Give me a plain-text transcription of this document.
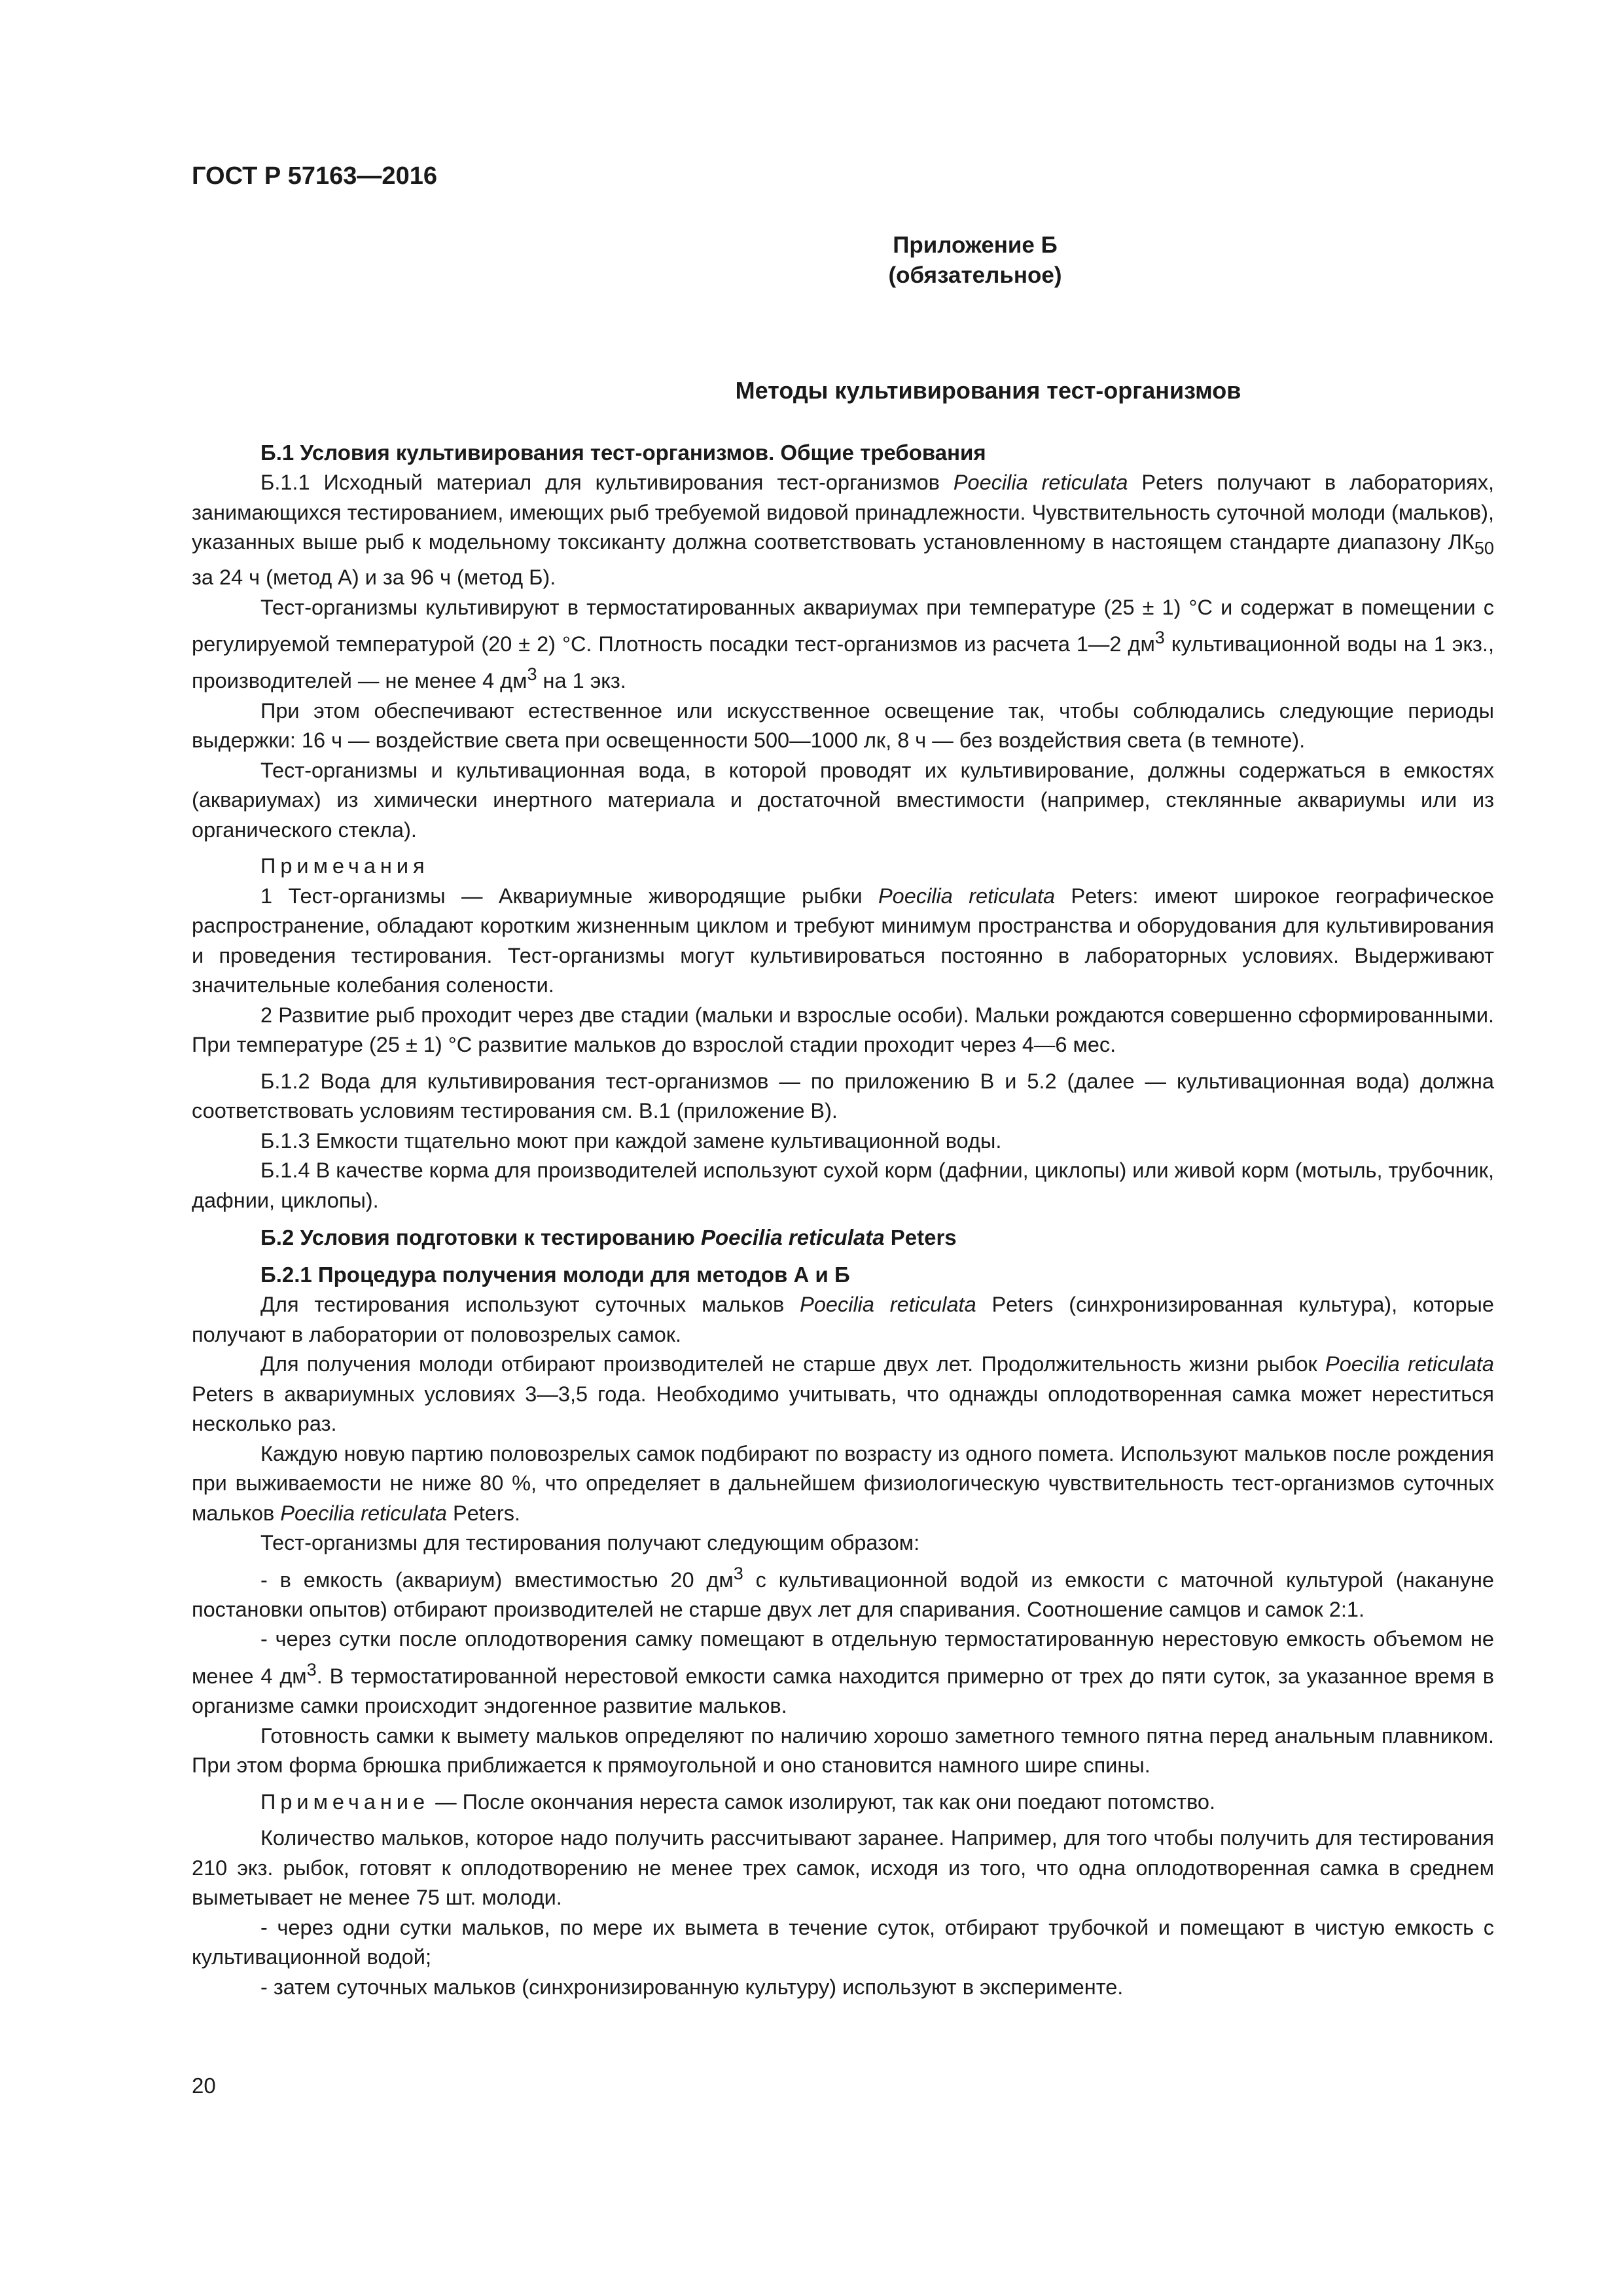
ГОСТ Р 57163—2016
Приложение Б
(обязательное)
Методы культивирования тест-организмов
Б.1 Условия культивирования тест-организмов. Общие требования

Б.1.1 Исходный материал для культивирования тест-организмов Poecilia reticulata Peters получают в лабораториях, занимающихся тестированием, имеющих рыб требуемой видовой принадлежности. Чувствительность суточной молоди (мальков), указанных выше рыб к модельному токсиканту должна соответствовать установленному в настоящем стандарте диапазону $ЛК_{50}$ за 24 ч (метод А) и за 96 ч (метод Б).

Тест-организмы культивируют в термостатированных аквариумах при температуре (25 ± 1) °С и содержат в помещении с регулируемой температурой (20 ± 2) °С. Плотность посадки тест-организмов из расчета 1—2 $дм^3$ культивационной воды на 1 экз., производителей — не менее 4 $дм^3$ на 1 экз.

При этом обеспечивают естественное или искусственное освещение так, чтобы соблюдались следующие периоды выдержки: 16 ч — воздействие света при освещенности 500—1000 лк, 8 ч — без воздействия света (в темноте).

Тест-организмы и культивационная вода, в которой проводят их культивирование, должны содержаться в емкостях (аквариумах) из химически инертного материала и достаточной вместимости (например, стеклянные аквариумы или из органического стекла).

Примечания

1 Тест-организмы — Аквариумные живородящие рыбки Poecilia reticulata Peters: имеют широкое географическое распространение, обладают коротким жизненным циклом и требуют минимум пространства и оборудования для культивирования и проведения тестирования. Тест-организмы могут культивироваться постоянно в лабораторных условиях. Выдерживают значительные колебания солености.

2 Развитие рыб проходит через две стадии (мальки и взрослые особи). Мальки рождаются совершенно сформированными. При температуре (25 ± 1) °С развитие мальков до взрослой стадии проходит через 4—6 мес.

Б.1.2 Вода для культивирования тест-организмов — по приложению В и 5.2 (далее — культивационная вода) должна соответствовать условиям тестирования см. В.1 (приложение В).

Б.1.3 Емкости тщательно моют при каждой замене культивационной воды.

Б.1.4 В качестве корма для производителей используют сухой корм (дафнии, циклопы) или живой корм (мотыль, трубочник, дафнии, циклопы).

Б.2 Условия подготовки к тестированию Poecilia reticulata Peters
Б.2.1 Процедура получения молоди для методов А и Б

Для тестирования используют суточных мальков Poecilia reticulata Peters (синхронизированная культура), которые получают в лаборатории от половозрелых самок.

Для получения молоди отбирают производителей не старше двух лет. Продолжительность жизни рыбок Poecilia reticulata Peters в аквариумных условиях 3—3,5 года. Необходимо учитывать, что однажды оплодотворенная самка может нереститься несколько раз.

Каждую новую партию половозрелых самок подбирают по возрасту из одного помета. Используют мальков после рождения при выживаемости не ниже 80 %, что определяет в дальнейшем физиологическую чувствительность тест-организмов суточных мальков Poecilia reticulata Peters.

Тест-организмы для тестирования получают следующим образом:

- в емкость (аквариум) вместимостью 20 $дм^3$ с культивационной водой из емкости с маточной культурой (накануне постановки опытов) отбирают производителей не старше двух лет для спаривания. Соотношение самцов и самок 2:1.

- через сутки после оплодотворения самку помещают в отдельную термостатированную нерестовую емкость объемом не менее 4 $дм^3$. В термостатированной нерестовой емкости самка находится примерно от трех до пяти суток, за указанное время в организме самки происходит эндогенное развитие мальков.

Готовность самки к вымету мальков определяют по наличию хорошо заметного темного пятна перед анальным плавником. При этом форма брюшка приближается к прямоугольной и оно становится намного шире спины.

Примечание — После окончания нереста самок изолируют, так как они поедают потомство.

Количество мальков, которое надо получить рассчитывают заранее. Например, для того чтобы получить для тестирования 210 экз. рыбок, готовят к оплодотворению не менее трех самок, исходя из того, что одна оплодотворенная самка в среднем выметывает не менее 75 шт. молоди.

- через одни сутки мальков, по мере их вымета в течение суток, отбирают трубочкой и помещают в чистую емкость с культивационной водой;

- затем суточных мальков (синхронизированную культуру) используют в эксперименте.

20
